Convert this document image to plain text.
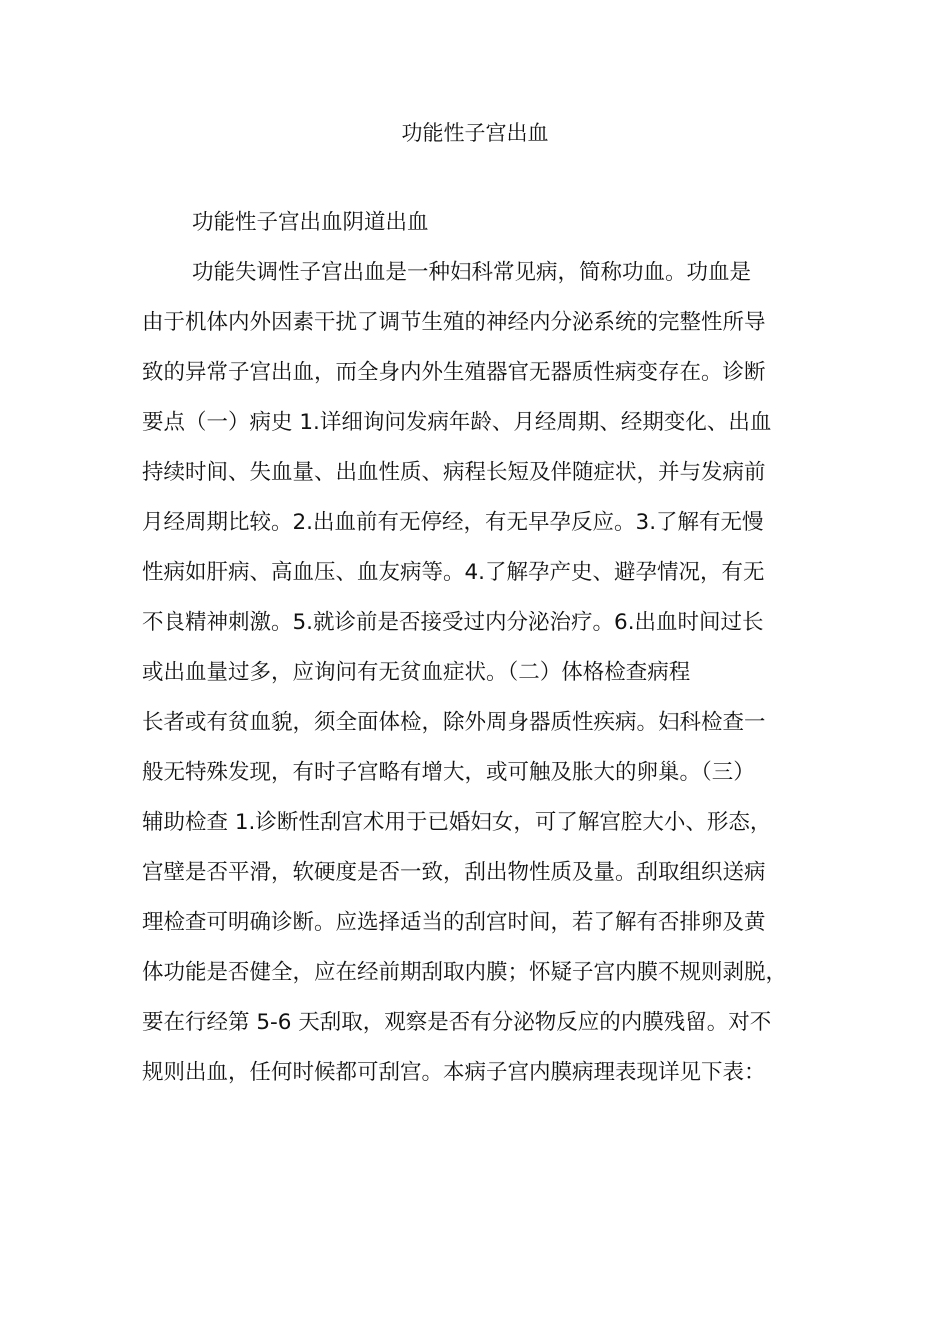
功能性子宫出血
功能性子宫出血阴道出血
功能失调性子宫出血是一种妇科常见病，简称功血。功血是
由于机体内外因素干扰了调节生殖的神经内分泌系统的完整性所导
致的异常子宫出血，而全身内外生殖器官无器质性病变存在。诊断
要点（一）病史 1.详细询问发病年龄、月经周期、经期变化、出血
持续时间、失血量、出血性质、病程长短及伴随症状，并与发病前
月经周期比较。2.出血前有无停经，有无早孕反应。3.了解有无慢
性病如肝病、高血压、血友病等。4.了解孕产史、避孕情况，有无
不良精神刺激。5.就诊前是否接受过内分泌治疗。6.出血时间过长
或出血量过多，应询问有无贫血症状。（二）体格检查病程
长者或有贫血貌，须全面体检，除外周身器质性疾病。妇科检查一
般无特殊发现，有时子宫略有增大，或可触及胀大的卵巢。（三）
辅助检查 1.诊断性刮宫术用于已婚妇女，可了解宫腔大小、形态，
宫壁是否平滑，软硬度是否一致，刮出物性质及量。刮取组织送病
理检查可明确诊断。应选择适当的刮宫时间，若了解有否排卵及黄
体功能是否健全，应在经前期刮取内膜；怀疑子宫内膜不规则剥脱，
要在行经第 5-6 天刮取，观察是否有分泌物反应的内膜残留。对不
规则出血，任何时候都可刮宫。本病子宫内膜病理表现详见下表：
